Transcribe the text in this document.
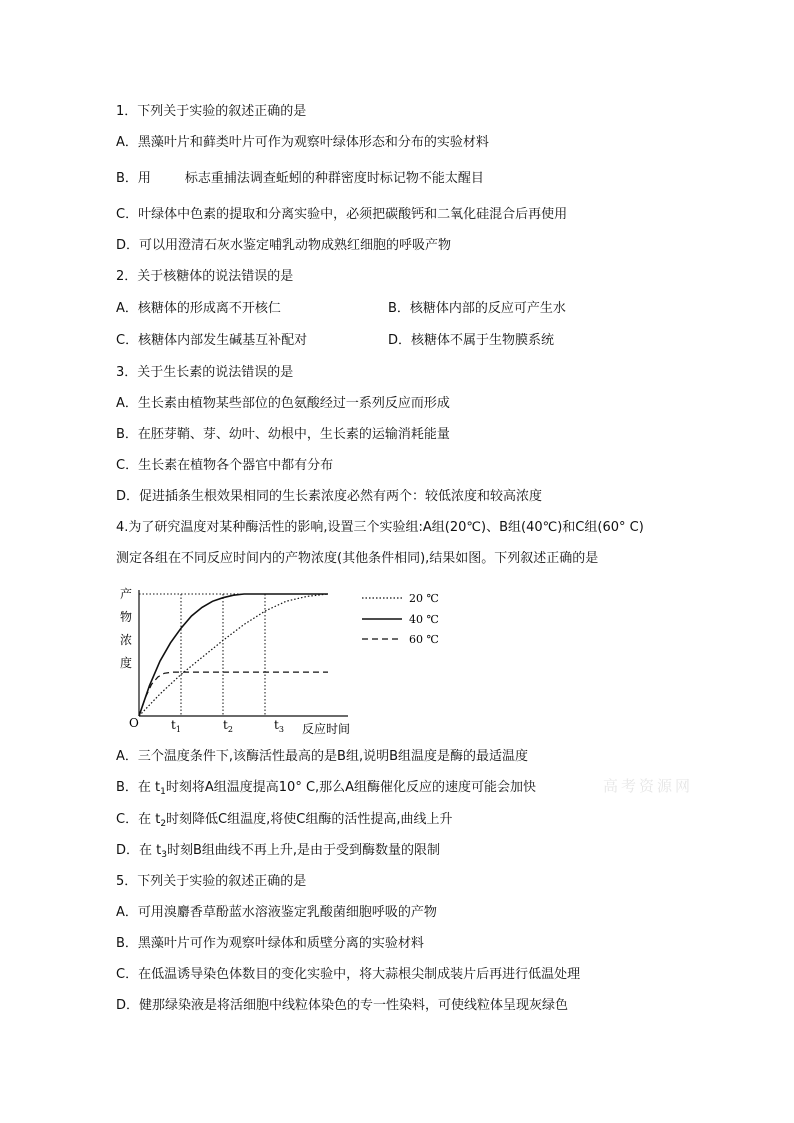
1．下列关于实验的叙述正确的是
A．黑藻叶片和藓类叶片可作为观察叶绿体形态和分布的实验材料
B．用	标志重捕法调查蚯蚓的种群密度时标记物不能太醒目
C．叶绿体中色素的提取和分离实验中，必须把碳酸钙和二氧化硅混合后再使用
D．可以用澄清石灰水鉴定哺乳动物成熟红细胞的呼吸产物
2．关于核糖体的说法错误的是
A．核糖体的形成离不开核仁	B．核糖体内部的反应可产生水
C．核糖体内部发生碱基互补配对	D．核糖体不属于生物膜系统
3．关于生长素的说法错误的是
A．生长素由植物某些部位的色氨酸经过一系列反应而形成
B．在胚芽鞘、芽、幼叶、幼根中，生长素的运输消耗能量
C．生长素在植物各个器官中都有分布
D．促进插条生根效果相同的生长素浓度必然有两个：较低浓度和较高浓度
4.为了研究温度对某种酶活性的影响,设置三个实验组:A组(20℃)、B组(40℃)和C组(60° C)
测定各组在不同反应时间内的产物浓度(其他条件相同),结果如图。下列叙述正确的是
产
物
浓
度
O	$t_1$	$t_2$	$t_3$ 反应时间
20 ℃
40 ℃
60 ℃
A．三个温度条件下,该酶活性最高的是B组,说明B组温度是酶的最适温度
B．在 $t_1$时刻将A组温度提高10° C,那么A组酶催化反应的速度可能会加快
C．在 $t_2$时刻降低C组温度,将使C组酶的活性提高,曲线上升
D．在 $t_3$时刻B组曲线不再上升,是由于受到酶数量的限制
高考资源网
5．下列关于实验的叙述正确的是
A．可用溴麝香草酚蓝水溶液鉴定乳酸菌细胞呼吸的产物
B．黑藻叶片可作为观察叶绿体和质壁分离的实验材料
C．在低温诱导染色体数目的变化实验中，将大蒜根尖制成装片后再进行低温处理
D．健那绿染液是将活细胞中线粒体染色的专一性染料，可使线粒体呈现灰绿色
